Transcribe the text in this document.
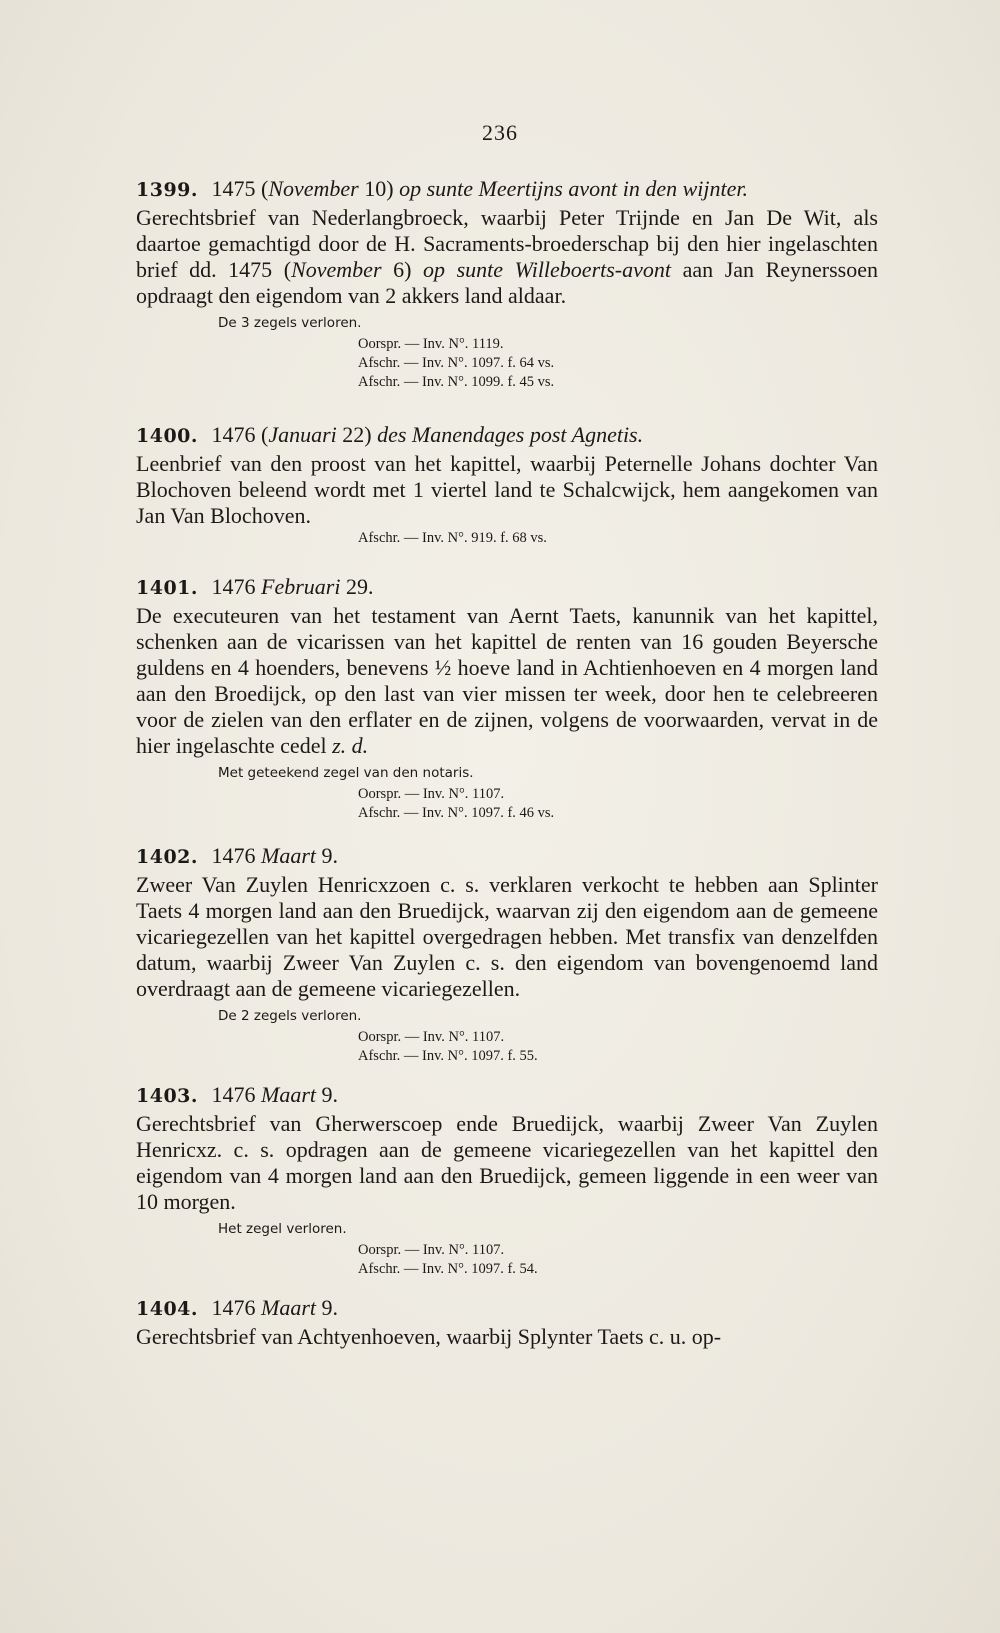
236

1399. 1475 (November 10) op sunte Meertijns avont in den wijnter.

Gerechtsbrief van Nederlangbroeck, waarbij Peter Trijnde en Jan De Wit, als daartoe gemachtigd door de H. Sacraments-broederschap bij den hier ingelaschten brief dd. 1475 (November 6) op sunte Willeboerts-avont aan Jan Reynerssoen opdraagt den eigendom van 2 akkers land aldaar.

De 3 zegels verloren.
Oorspr. — Inv. N°. 1119.
Afschr. — Inv. N°. 1097. f. 64 vs.
Afschr. — Inv. N°. 1099. f. 45 vs.

1400. 1476 (Januari 22) des Manendages post Agnetis.

Leenbrief van den proost van het kapittel, waarbij Peternelle Johans dochter Van Blochoven beleend wordt met 1 viertel land te Schalcwijck, hem aangekomen van Jan Van Blochoven.

Afschr. — Inv. N°. 919. f. 68 vs.

1401. 1476 Februari 29.

De executeuren van het testament van Aernt Taets, kanunnik van het kapittel, schenken aan de vicarissen van het kapittel de renten van 16 gouden Beyersche guldens en 4 hoenders, benevens ½ hoeve land in Achtienhoeven en 4 morgen land aan den Broedijck, op den last van vier missen ter week, door hen te celebreeren voor de zielen van den erflater en de zijnen, volgens de voorwaarden, vervat in de hier ingelaschte cedel z. d.

Met geteekend zegel van den notaris.
Oorspr. — Inv. N°. 1107.
Afschr. — Inv. N°. 1097. f. 46 vs.

1402. 1476 Maart 9.

Zweer Van Zuylen Henricxzoen c. s. verklaren verkocht te hebben aan Splinter Taets 4 morgen land aan den Bruedijck, waarvan zij den eigendom aan de gemeene vicariegezellen van het kapittel overgedragen hebben. Met transfix van denzelfden datum, waarbij Zweer Van Zuylen c. s. den eigendom van bovengenoemd land overdraagt aan de gemeene vicariegezellen.

De 2 zegels verloren.
Oorspr. — Inv. N°. 1107.
Afschr. — Inv. N°. 1097. f. 55.

1403. 1476 Maart 9.

Gerechtsbrief van Gherwerscoep ende Bruedijck, waarbij Zweer Van Zuylen Henricxz. c. s. opdragen aan de gemeene vicariegezellen van het kapittel den eigendom van 4 morgen land aan den Bruedijck, gemeen liggende in een weer van 10 morgen.

Het zegel verloren.
Oorspr. — Inv. N°. 1107.
Afschr. — Inv. N°. 1097. f. 54.

1404. 1476 Maart 9.

Gerechtsbrief van Achtyenhoeven, waarbij Splynter Taets c. u. op-
